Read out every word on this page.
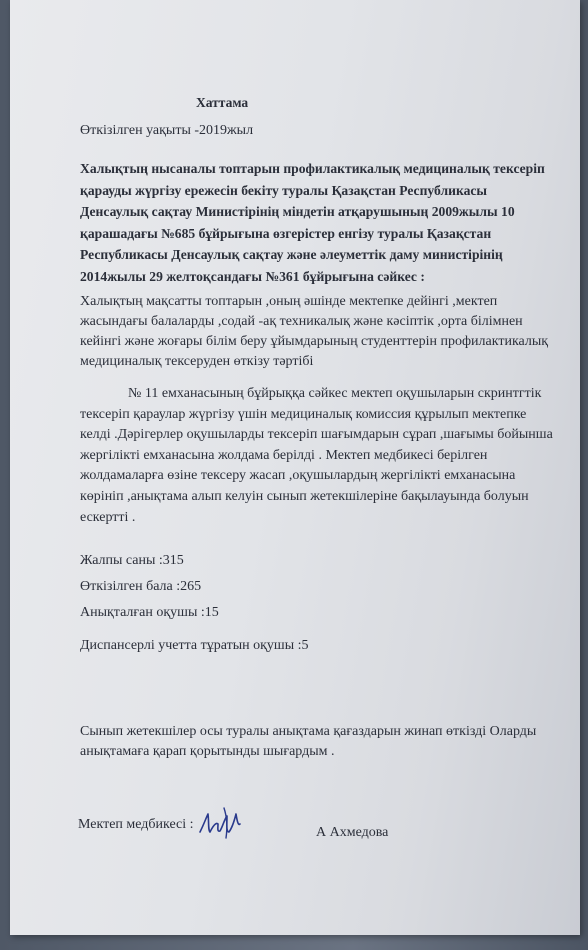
Хаттама
Өткізілген уақыты -2019жыл
Халықтың нысаналы топтарын профилактикалық медициналық тексеріп қарауды жүргізу ережесін бекіту туралы Қазақстан Республикасы Денсаулық сақтау Министірінің міндетін атқарушының 2009жылы 10 қарашадағы №685 бұйрығына өзгерістер енгізу туралы Қазақстан Республикасы Денсаулық сақтау және әлеуметтік даму министірінің 2014жылы 29 желтоқсандағы №361 бұйрығына сәйкес :
Халықтың мақсатты топтарын ,оның әшінде мектепке дейінгі ,мектеп жасындағы балаларды ,содай -ақ техникалық және кәсіптік ,орта білімнен кейінгі және жоғары білім беру ұйымдарының студенттерін профилактикалық медициналық тексеруден өткізу тәртібі
№ 11 емханасының бұйрыққа сәйкес мектеп оқушыларын скринтгтік тексеріп қараулар жүргізу үшін медициналық комиссия құрылып мектепке келді .Дәрігерлер оқушыларды тексеріп шағымдарын сұрап ,шағымы бойынша жергілікті емханасына жолдама берілді . Мектеп медбикесі берілген жолдамаларға өзіне тексеру жасап ,оқушылардың жергілікті емханасына көрініп ,анықтама алып келуін сынып жетекшілеріне бақылауында болуын ескертті .
Жалпы саны :315
Өткізілген бала :265
Анықталған оқушы :15
Диспансерлі учетта тұратын оқушы :5
Сынып жетекшілер осы туралы анықтама қағаздарын жинап өткізді Оларды анықтамаға қарап қорытынды шығардым .
Мектеп медбикесі :
А Ахмедова
